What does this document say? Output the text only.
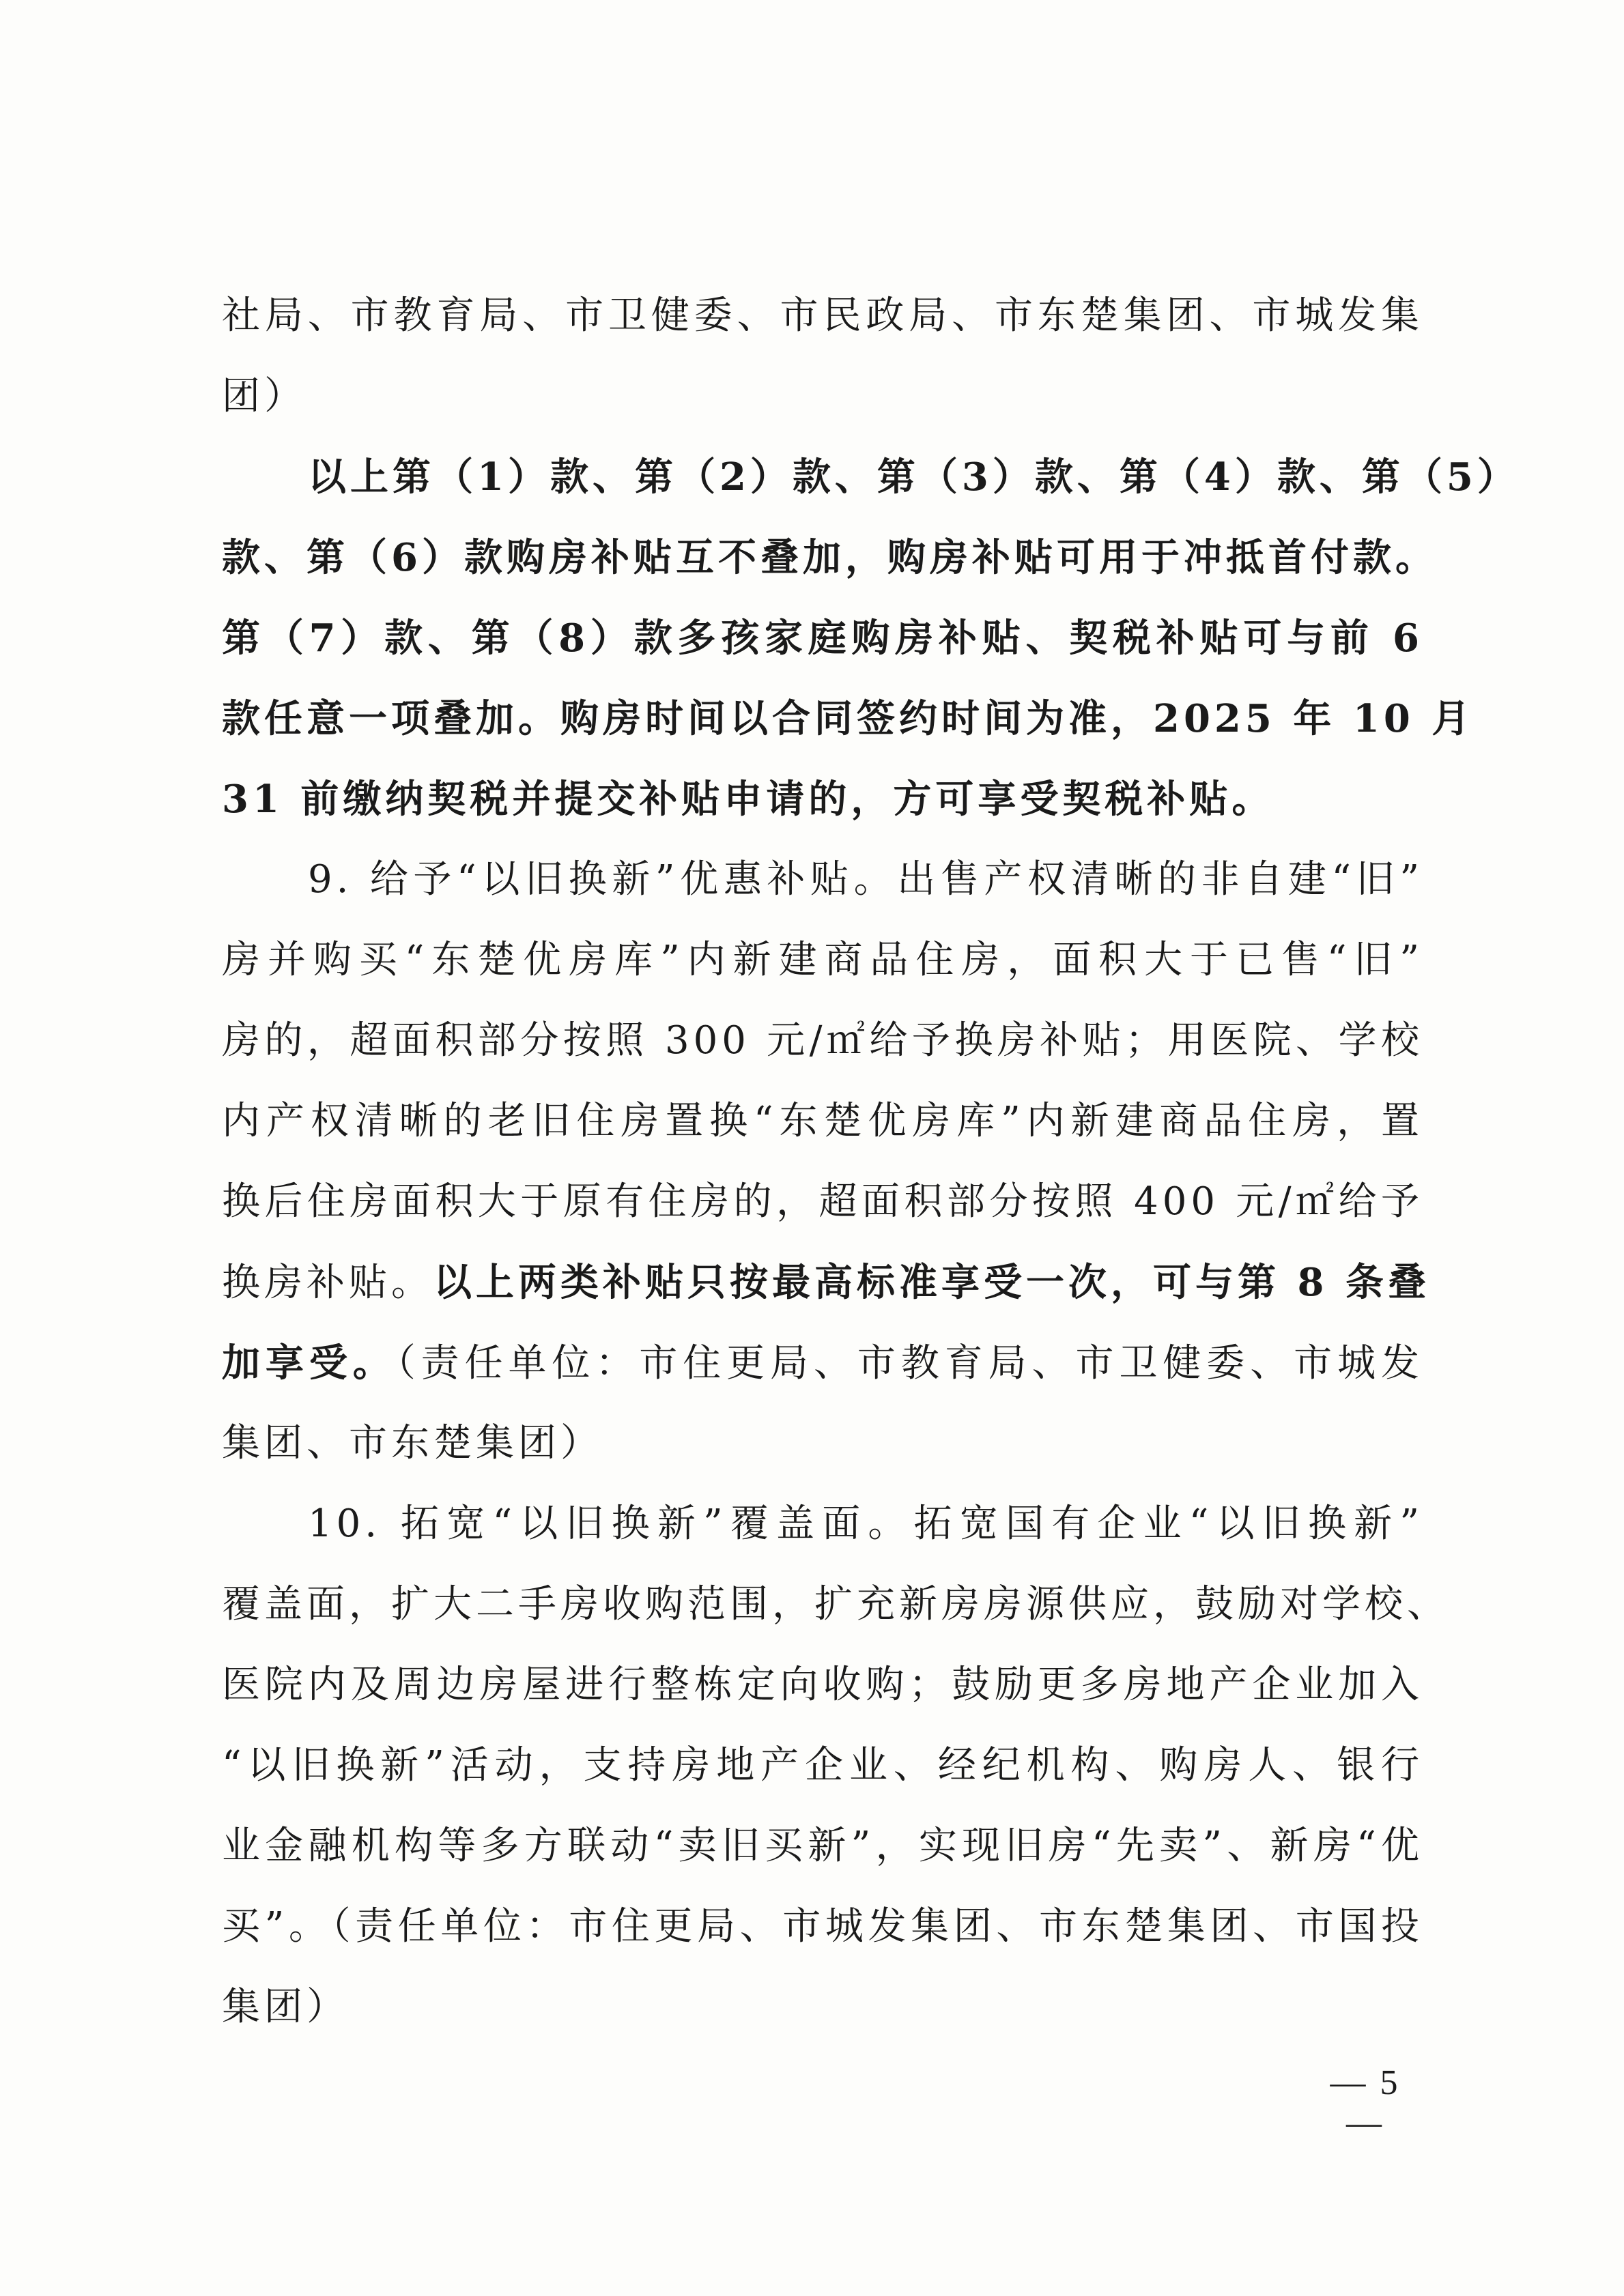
社局、市教育局、市卫健委、市民政局、市东楚集团、市城发集
团）
以上第（1）款、第（2）款、第（3）款、第（4）款、第（5）
款、第（6）款购房补贴互不叠加，购房补贴可用于冲抵首付款。
第（7）款、第（8）款多孩家庭购房补贴、契税补贴可与前 6
款任意一项叠加。购房时间以合同签约时间为准，2025 年 10 月
31 前缴纳契税并提交补贴申请的，方可享受契税补贴。
9. 给予“以旧换新”优惠补贴。出售产权清晰的非自建“旧”
房并购买“东楚优房库”内新建商品住房，面积大于已售“旧”
房的，超面积部分按照 300 元/㎡给予换房补贴；用医院、学校
内产权清晰的老旧住房置换“东楚优房库”内新建商品住房，置
换后住房面积大于原有住房的，超面积部分按照 400 元/㎡给予
换房补贴。以上两类补贴只按最高标准享受一次，可与第 8 条叠
加享受。（责任单位：市住更局、市教育局、市卫健委、市城发
集团、市东楚集团）
10. 拓宽“以旧换新”覆盖面。拓宽国有企业“以旧换新”
覆盖面，扩大二手房收购范围，扩充新房房源供应，鼓励对学校、
医院内及周边房屋进行整栋定向收购；鼓励更多房地产企业加入
“以旧换新”活动，支持房地产企业、经纪机构、购房人、银行
业金融机构等多方联动“卖旧买新”，实现旧房“先卖”、新房“优
买”。（责任单位：市住更局、市城发集团、市东楚集团、市国投
集团）
— 5 —
